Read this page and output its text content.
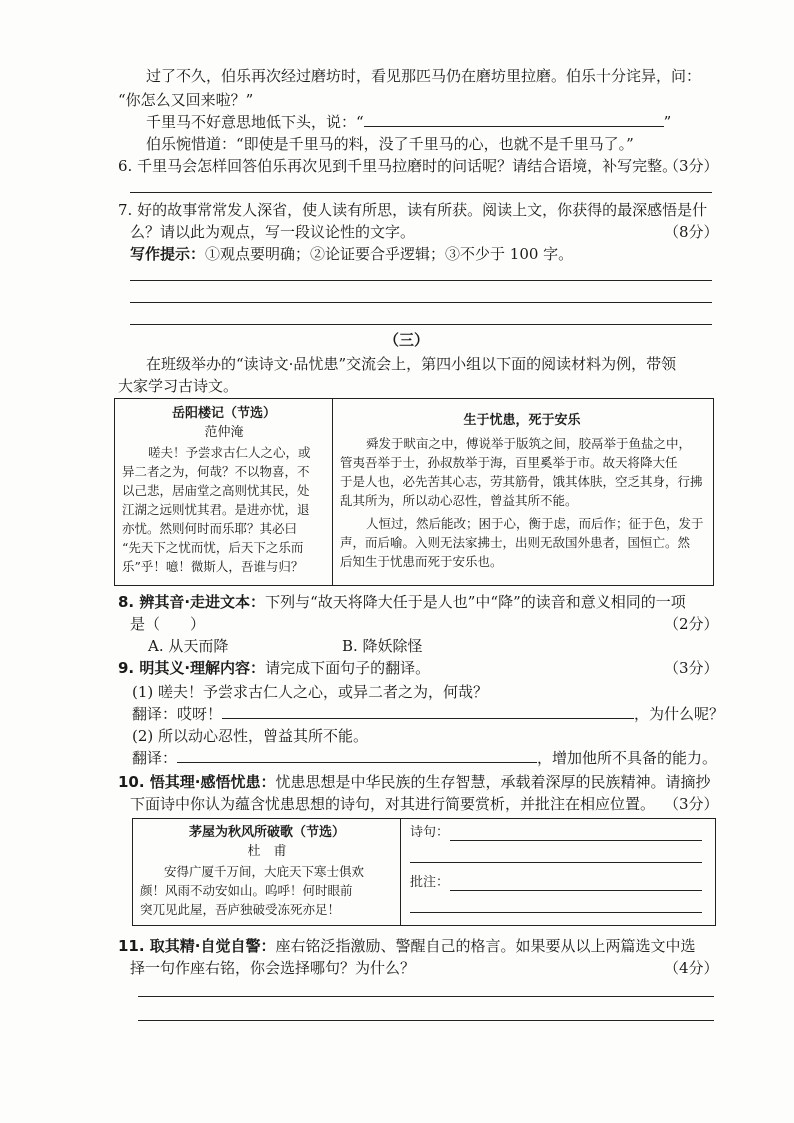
过了不久，伯乐再次经过磨坊时，看见那匹马仍在磨坊里拉磨。伯乐十分诧异，问：
“你怎么又回来啦？”
千里马不好意思地低下头，说：“	”
伯乐惋惜道：“即使是千里马的料，没了千里马的心，也就不是千里马了。”
6. 千里马会怎样回答伯乐再次见到千里马拉磨时的问话呢？请结合语境，补写完整。
（3分）
7. 好的故事常常发人深省，使人读有所思，读有所获。阅读上文，你获得的最深感悟是什
么？请以此为观点，写一段议论性的文字。	（8分）
写作提示：①观点要明确；②论证要合乎逻辑；③不少于 100 字。
（三）
在班级举办的“读诗文·品忧患”交流会上，第四小组以下面的阅读材料为例，带领
大家学习古诗文。
岳阳楼记（节选）
范仲淹
嗟夫！予尝求古仁人之心，或
异二者之为，何哉？不以物喜，不
以己悲，居庙堂之高则忧其民，处
江湖之远则忧其君。是进亦忧，退
亦忧。然则何时而乐耶？其必曰
“先天下之忧而忧，后天下之乐而
乐”乎！噫！微斯人，吾谁与归？
生于忧患，死于安乐
舜发于畎亩之中，傅说举于版筑之间，胶鬲举于鱼盐之中，
管夷吾举于士，孙叔敖举于海，百里奚举于市。故天将降大任
于是人也，必先苦其心志，劳其筋骨，饿其体肤，空乏其身，行拂
乱其所为，所以动心忍性，曾益其所不能。
人恒过，然后能改；困于心，衡于虑，而后作；征于色，发于
声，而后喻。入则无法家拂士，出则无敌国外患者，国恒亡。然
后知生于忧患而死于安乐也。
8. 辨其音·走进文本：下列与“故天将降大任于是人也”中“降”的读音和意义相同的一项
是（　　）	（2分）
A. 从天而降	B. 降妖除怪
9. 明其义·理解内容：请完成下面句子的翻译。	（3分）
(1) 嗟夫！予尝求古仁人之心，或异二者之为，何哉？
翻译：哎呀！	，为什么呢？
(2) 所以动心忍性，曾益其所不能。
翻译：	，增加他所不具备的能力。
10. 悟其理·感悟忧患：忧患思想是中华民族的生存智慧，承载着深厚的民族精神。请摘抄
下面诗中你认为蕴含忧患思想的诗句，对其进行简要赏析，并批注在相应位置。 （3分）
茅屋为秋风所破歌（节选）
杜　甫
安得广厦千万间，大庇天下寒士俱欢
颜！风雨不动安如山。呜呼！何时眼前
突兀见此屋，吾庐独破受冻死亦足！
诗句：
批注：
11. 取其精·自觉自警：座右铭泛指激励、警醒自己的格言。如果要从以上两篇选文中选
择一句作座右铭，你会选择哪句？为什么？	（4分）
